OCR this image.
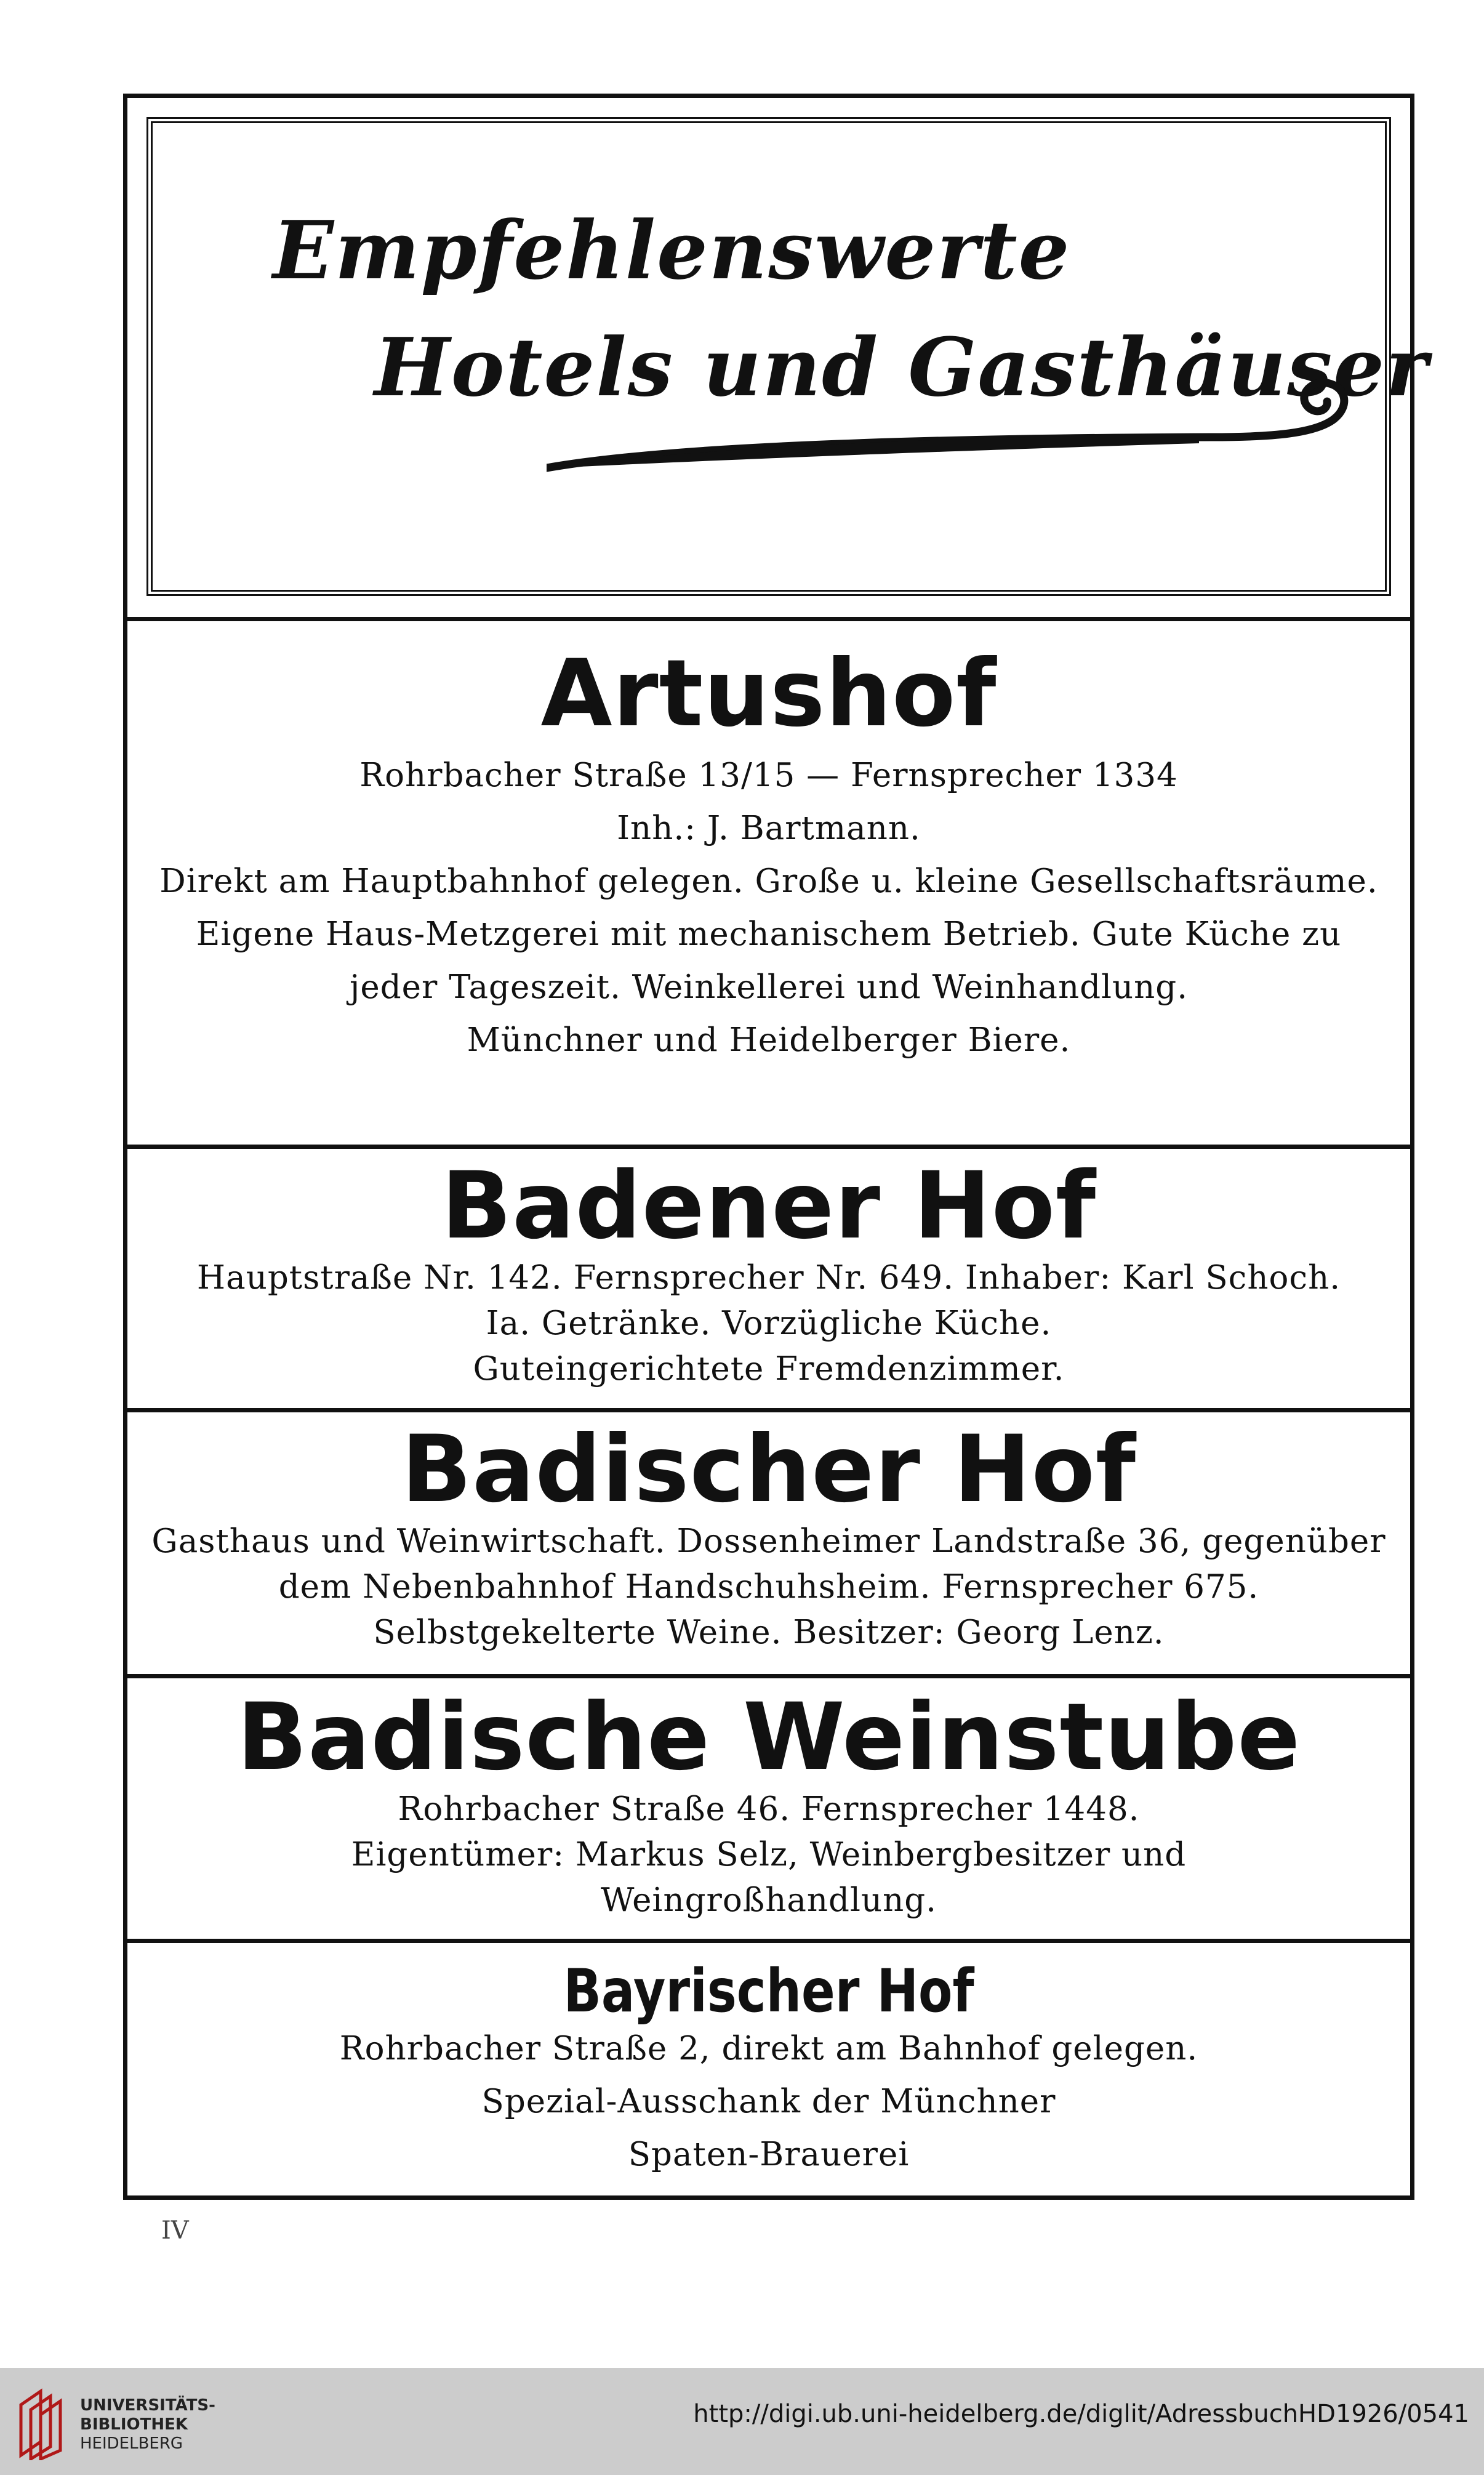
Empfehlenswerte
Hotels und Gasthäuser

Artushof

Rohrbacher Straße 13/15 — Fernsprecher 1334

Inh.: J. Bartmann.

Direkt am Hauptbahnhof gelegen. Große u. kleine Gesellschaftsräume.

Eigene Haus-Metzgerei mit mechanischem Betrieb. Gute Küche zu

jeder Tageszeit. Weinkellerei und Weinhandlung.

Münchner und Heidelberger Biere.

Badener Hof

Hauptstraße Nr. 142. Fernsprecher Nr. 649. Inhaber: Karl Schoch.

Ia. Getränke. Vorzügliche Küche.

Guteingerichtete Fremdenzimmer.

Badischer Hof

Gasthaus und Weinwirtschaft. Dossenheimer Landstraße 36, gegenüber

dem Nebenbahnhof Handschuhsheim. Fernsprecher 675.

Selbstgekelterte Weine. Besitzer: Georg Lenz.

Badische Weinstube

Rohrbacher Straße 46. Fernsprecher 1448.

Eigentümer: Markus Selz, Weinbergbesitzer und

Weingroßhandlung.

Bayrischer Hof

Rohrbacher Straße 2, direkt am Bahnhof gelegen.

Spezial-Ausschank der Münchner

Spaten-Brauerei

IV
UNIVERSITÄTS-
BIBLIOTHEK
HEIDELBERG
http://digi.ub.uni-heidelberg.de/diglit/AdressbuchHD1926/0541
